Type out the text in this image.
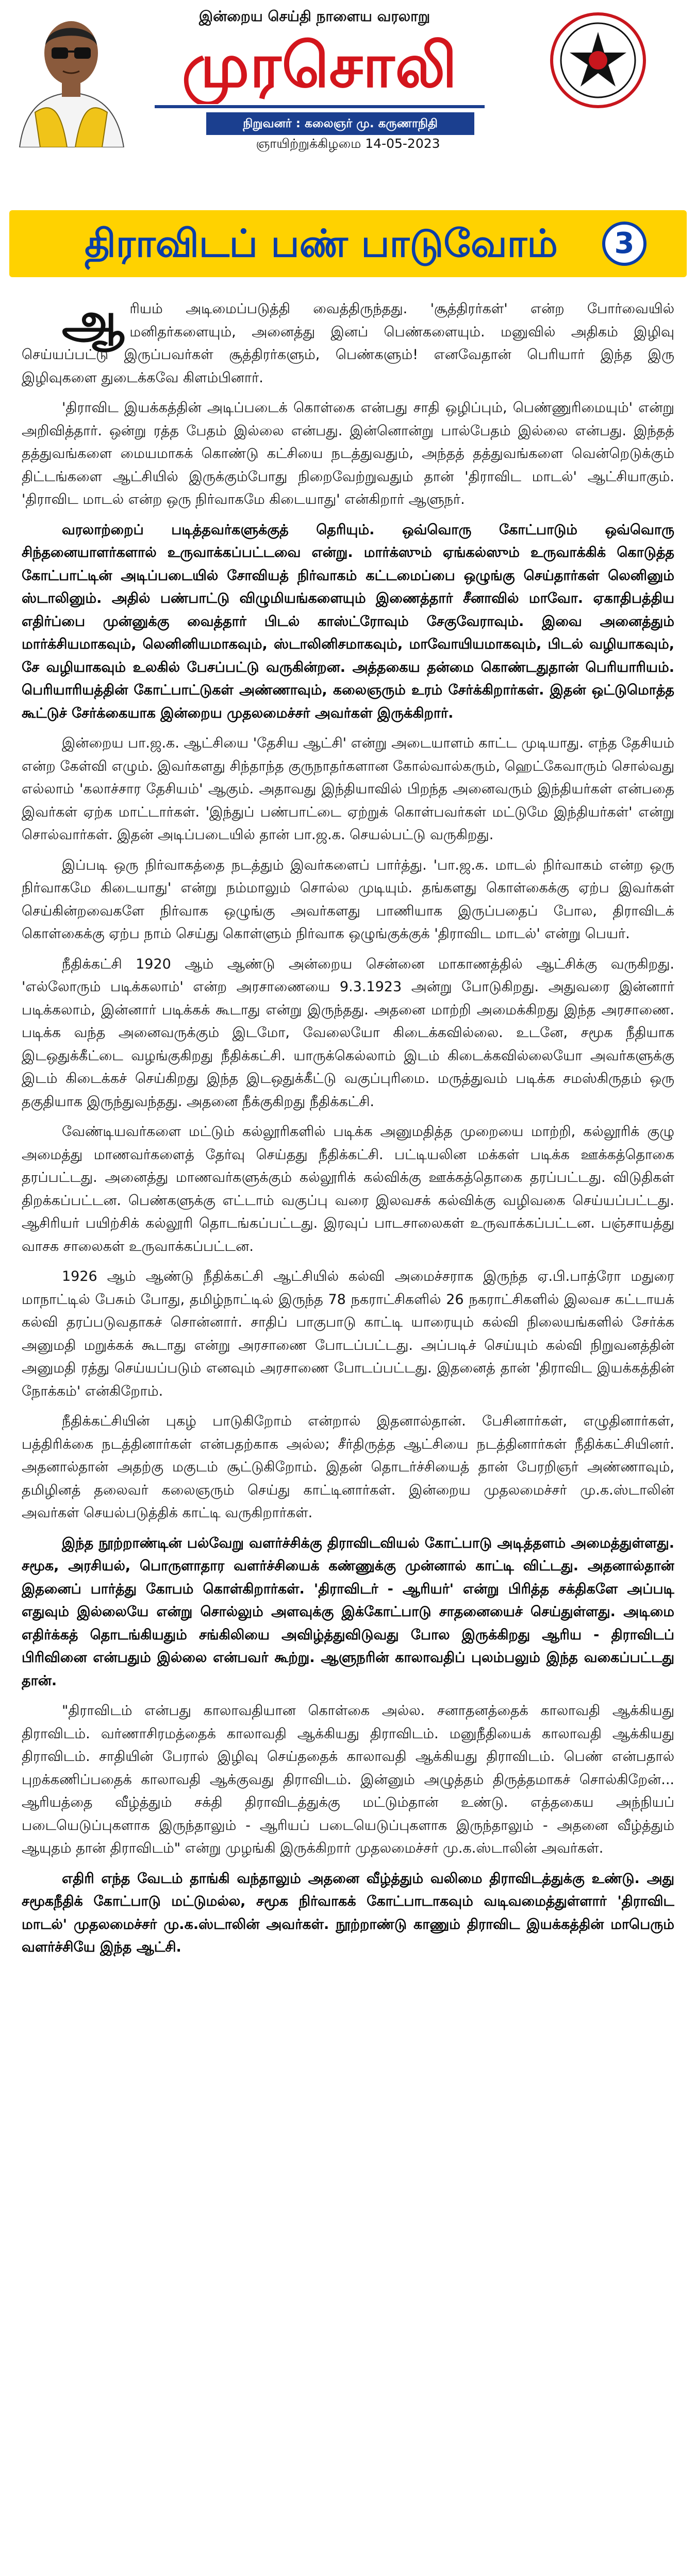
இன்றைய செய்தி நாளைய வரலாறு
முரசொலி
நிறுவனர் : கலைஞர் மு. கருணாநிதி
ஞாயிற்றுக்கிழமை 14-05-2023
திராவிடப் பண் பாடுவோம்	3

ஆ ரியம் அடிமைப்படுத்தி வைத்திருந்தது. 'சூத்திரர்கள்' என்ற போர்வையில் மனிதர்களையும், அனைத்து இனப் பெண்களையும். மனுவில் அதிகம் இழிவு செய்யப்பட்டு இருப்பவர்கள் சூத்திரர்களும், பெண்களும்! எனவேதான் பெரியார் இந்த இரு இழிவுகளை துடைக்கவே கிளம்பினார்.

'திராவிட இயக்கத்தின் அடிப்படைக் கொள்கை என்பது சாதி ஒழிப்பும், பெண்ணுரிமையும்' என்று அறிவித்தார். ஒன்று ரத்த பேதம் இல்லை என்பது. இன்னொன்று பால்பேதம் இல்லை என்பது. இந்தத் தத்துவங்களை மையமாகக் கொண்டு கட்சியை நடத்துவதும், அந்தத் தத்துவங்களை வென்றெடுக்கும் திட்டங்களை ஆட்சியில் இருக்கும்போது நிறைவேற்றுவதும் தான் 'திராவிட மாடல்' ஆட்சியாகும். 'திராவிட மாடல் என்ற ஒரு நிர்வாகமே கிடையாது' என்கிறார் ஆளுநர்.

வரலாற்றைப் படித்தவர்களுக்குத் தெரியும். ஒவ்வொரு கோட்பாடும் ஒவ்வொரு சிந்தனையாளர்களால் உருவாக்கப்பட்டவை என்று. மார்க்ஸும் ஏங்கல்ஸும் உருவாக்கிக் கொடுத்த கோட்பாட்டின் அடிப்படையில் சோவியத் நிர்வாகம் கட்டமைப்பை ஒழுங்கு செய்தார்கள் லெனினும் ஸ்டாலினும். அதில் பண்பாட்டு விழுமியங்களையும் இணைத்தார் சீனாவில் மாவோ. ஏகாதிபத்திய எதிர்ப்பை முன்னுக்கு வைத்தார் பிடல் காஸ்ட்ரோவும் சேகுவேராவும். இவை அனைத்தும் மார்க்சியமாகவும், லெனினியமாகவும், ஸ்டாலினிசமாகவும், மாவோயியமாகவும், பிடல் வழியாகவும், சே வழியாகவும் உலகில் பேசப்பட்டு வருகின்றன. அத்தகைய தன்மை கொண்டதுதான் பெரியாரியம். பெரியாரியத்தின் கோட்பாட்டுகள் அண்ணாவும், கலைஞரும் உரம் சேர்க்கிறார்கள். இதன் ஒட்டுமொத்த கூட்டுச் சேர்க்கையாக இன்றைய முதலமைச்சர் அவர்கள் இருக்கிறார்.

இன்றைய பா.ஜ.க. ஆட்சியை 'தேசிய ஆட்சி' என்று அடையாளம் காட்ட முடியாது. எந்த தேசியம் என்ற கேள்வி எழும். இவர்களது சிந்தாந்த குருநாதர்களான கோல்வால்கரும், ஹெட்கேவாரும் சொல்வது எல்லாம் 'கலாச்சார தேசியம்' ஆகும். அதாவது இந்தியாவில் பிறந்த அனைவரும் இந்தியர்கள் என்பதை இவர்கள் ஏற்க மாட்டார்கள். 'இந்துப் பண்பாட்டை ஏற்றுக் கொள்பவர்கள் மட்டுமே இந்தியர்கள்' என்று சொல்வார்கள். இதன் அடிப்படையில் தான் பா.ஜ.க. செயல்பட்டு வருகிறது.

இப்படி ஒரு நிர்வாகத்தை நடத்தும் இவர்களைப் பார்த்து. 'பா.ஜ.க. மாடல் நிர்வாகம் என்ற ஒரு நிர்வாகமே கிடையாது' என்று நம்மாலும் சொல்ல முடியும். தங்களது கொள்கைக்கு ஏற்ப இவர்கள் செய்கின்றவைகளே நிர்வாக ஒழுங்கு அவர்களது பாணியாக இருப்பதைப் போல, திராவிடக் கொள்கைக்கு ஏற்ப நாம் செய்து கொள்ளும் நிர்வாக ஒழுங்குக்குக் 'திராவிட மாடல்' என்று பெயர்.

நீதிக்கட்சி 1920 ஆம் ஆண்டு அன்றைய சென்னை மாகாணத்தில் ஆட்சிக்கு வருகிறது. 'எல்லோரும் படிக்கலாம்' என்ற அரசாணையை 9.3.1923 அன்று போடுகிறது. அதுவரை இன்னார் படிக்கலாம், இன்னார் படிக்கக் கூடாது என்று இருந்தது. அதனை மாற்றி அமைக்கிறது இந்த அரசாணை. படிக்க வந்த அனைவருக்கும் இடமோ, வேலையோ கிடைக்கவில்லை. உடனே, சமூக நீதியாக இடஒதுக்கீட்டை வழங்குகிறது நீதிக்கட்சி. யாருக்கெல்லாம் இடம் கிடைக்கவில்லையோ அவர்களுக்கு இடம் கிடைக்கச் செய்கிறது இந்த இடஒதுக்கீட்டு வகுப்புரிமை. மருத்துவம் படிக்க சமஸ்கிருதம் ஒரு தகுதியாக இருந்துவந்தது. அதனை நீக்குகிறது நீதிக்கட்சி.

வேண்டியவர்களை மட்டும் கல்லூரிகளில் படிக்க அனுமதித்த முறையை மாற்றி, கல்லூரிக் குழு அமைத்து மாணவர்களைத் தேர்வு செய்தது நீதிக்கட்சி. பட்டியலின மக்கள் படிக்க ஊக்கத்தொகை தரப்பட்டது. அனைத்து மாணவர்களுக்கும் கல்லூரிக் கல்விக்கு ஊக்கத்தொகை தரப்பட்டது. விடுதிகள் திறக்கப்பட்டன. பெண்களுக்கு எட்டாம் வகுப்பு வரை இலவசக் கல்விக்கு வழிவகை செய்யப்பட்டது. ஆசிரியர் பயிற்சிக் கல்லூரி தொடங்கப்பட்டது. இரவுப் பாடசாலைகள் உருவாக்கப்பட்டன. பஞ்சாயத்து வாசக சாலைகள் உருவாக்கப்பட்டன.

1926 ஆம் ஆண்டு நீதிக்கட்சி ஆட்சியில் கல்வி அமைச்சராக இருந்த ஏ.பி.பாத்ரோ மதுரை மாநாட்டில் பேசும் போது, தமிழ்நாட்டில் இருந்த 78 நகராட்சிகளில் 26 நகராட்சிகளில் இலவச கட்டாயக் கல்வி தரப்படுவதாகச் சொன்னார். சாதிப் பாகுபாடு காட்டி யாரையும் கல்வி நிலையங்களில் சேர்க்க அனுமதி மறுக்கக் கூடாது என்று அரசாணை போடப்பட்டது. அப்படிச் செய்யும் கல்வி நிறுவனத்தின் அனுமதி ரத்து செய்யப்படும் எனவும் அரசாணை போடப்பட்டது. இதனைத் தான் 'திராவிட இயக்கத்தின் நோக்கம்' என்கிறோம்.

நீதிக்கட்சியின் புகழ் பாடுகிறோம் என்றால் இதனால்தான். பேசினார்கள், எழுதினார்கள், பத்திரிக்கை நடத்தினார்கள் என்பதற்காக அல்ல; சீர்திருத்த ஆட்சியை நடத்தினார்கள் நீதிக்கட்சியினர். அதனால்தான் அதற்கு மகுடம் சூட்டுகிறோம். இதன் தொடர்ச்சியைத் தான் பேரறிஞர் அண்ணாவும், தமிழினத் தலைவர் கலைஞரும் செய்து காட்டினார்கள். இன்றைய முதலமைச்சர் மு.க.ஸ்டாலின் அவர்கள் செயல்படுத்திக் காட்டி வருகிறார்கள்.

இந்த நூற்றாண்டின் பல்வேறு வளர்ச்சிக்கு திராவிடவியல் கோட்பாடு அடித்தளம் அமைத்துள்ளது. சமூக, அரசியல், பொருளாதார வளர்ச்சியைக் கண்ணுக்கு முன்னால் காட்டி விட்டது. அதனால்தான் இதனைப் பார்த்து கோபம் கொள்கிறார்கள். 'திராவிடர் - ஆரியர்' என்று பிரித்த சக்திகளே அப்படி எதுவும் இல்லையே என்று சொல்லும் அளவுக்கு இக்கோட்பாடு சாதனையைச் செய்துள்ளது. அடிமை எதிர்க்கத் தொடங்கியதும் சங்கிலியை அவிழ்த்துவிடுவது போல இருக்கிறது ஆரிய - திராவிடப் பிரிவினை என்பதும் இல்லை என்பவர் கூற்று. ஆளுநரின் காலாவதிப் புலம்பலும் இந்த வகைப்பட்டது தான்.

"திராவிடம் என்பது காலாவதியான கொள்கை அல்ல. சனாதனத்தைக் காலாவதி ஆக்கியது திராவிடம். வர்ணாசிரமத்தைக் காலாவதி ஆக்கியது திராவிடம். மனுநீதியைக் காலாவதி ஆக்கியது திராவிடம். சாதியின் பேரால் இழிவு செய்ததைக் காலாவதி ஆக்கியது திராவிடம். பெண் என்பதால் புறக்கணிப்பதைக் காலாவதி ஆக்குவது திராவிடம். இன்னும் அழுத்தம் திருத்தமாகச் சொல்கிறேன்... ஆரியத்தை வீழ்த்தும் சக்தி திராவிடத்துக்கு மட்டும்தான் உண்டு. எத்தகைய அந்நியப் படையெடுப்புகளாக இருந்தாலும் - ஆரியப் படையெடுப்புகளாக இருந்தாலும் - அதனை வீழ்த்தும் ஆயுதம் தான் திராவிடம்" என்று முழங்கி இருக்கிறார் முதலமைச்சர் மு.க.ஸ்டாலின் அவர்கள்.

எதிரி எந்த வேடம் தாங்கி வந்தாலும் அதனை வீழ்த்தும் வலிமை திராவிடத்துக்கு உண்டு. அது சமூகநீதிக் கோட்பாடு மட்டுமல்ல, சமூக நிர்வாகக் கோட்பாடாகவும் வடிவமைத்துள்ளார் 'திராவிட மாடல்' முதலமைச்சர் மு.க.ஸ்டாலின் அவர்கள். நூற்றாண்டு காணும் திராவிட இயக்கத்தின் மாபெரும் வளர்ச்சியே இந்த ஆட்சி.
